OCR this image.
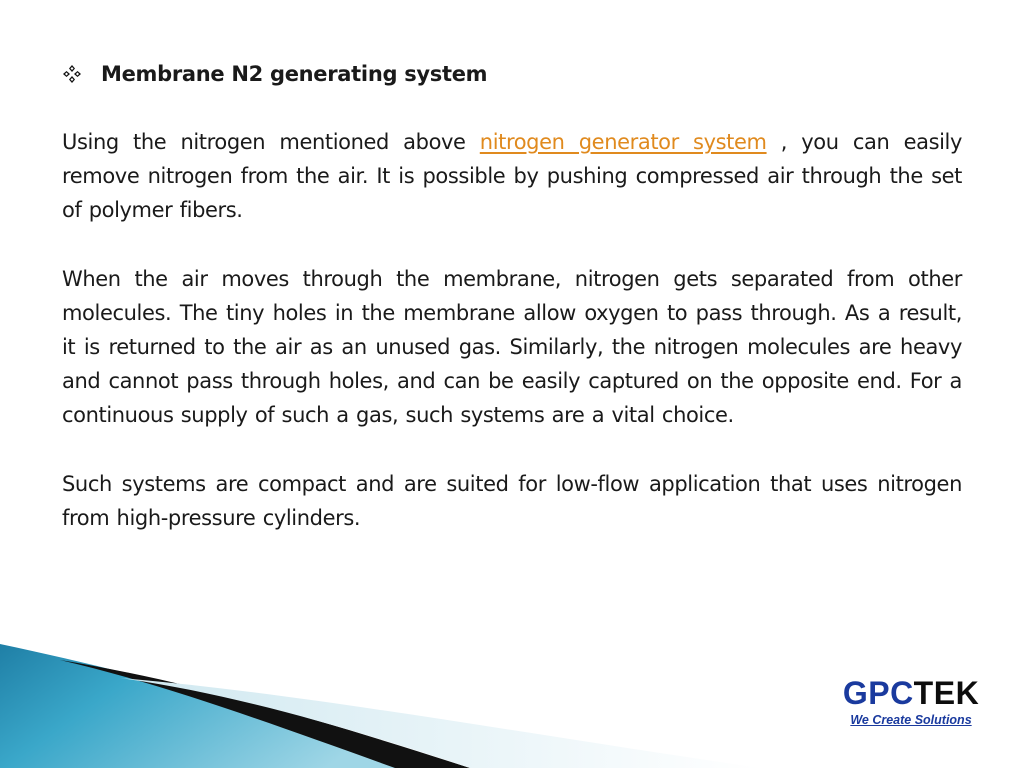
Membrane N2 generating system

Using the nitrogen mentioned above nitrogen generator system , you can easily remove nitrogen from the air. It is possible by pushing compressed air through the set of polymer fibers.

When the air moves through the membrane, nitrogen gets separated from other molecules. The tiny holes in the membrane allow oxygen to pass through. As a result, it is returned to the air as an unused gas. Similarly, the nitrogen molecules are heavy and cannot pass through holes, and can be easily captured on the opposite end. For a continuous supply of such a gas, such systems are a vital choice.

Such systems are compact and are suited for low-flow application that uses nitrogen from high-pressure cylinders.

GPCTEK
We Create Solutions
